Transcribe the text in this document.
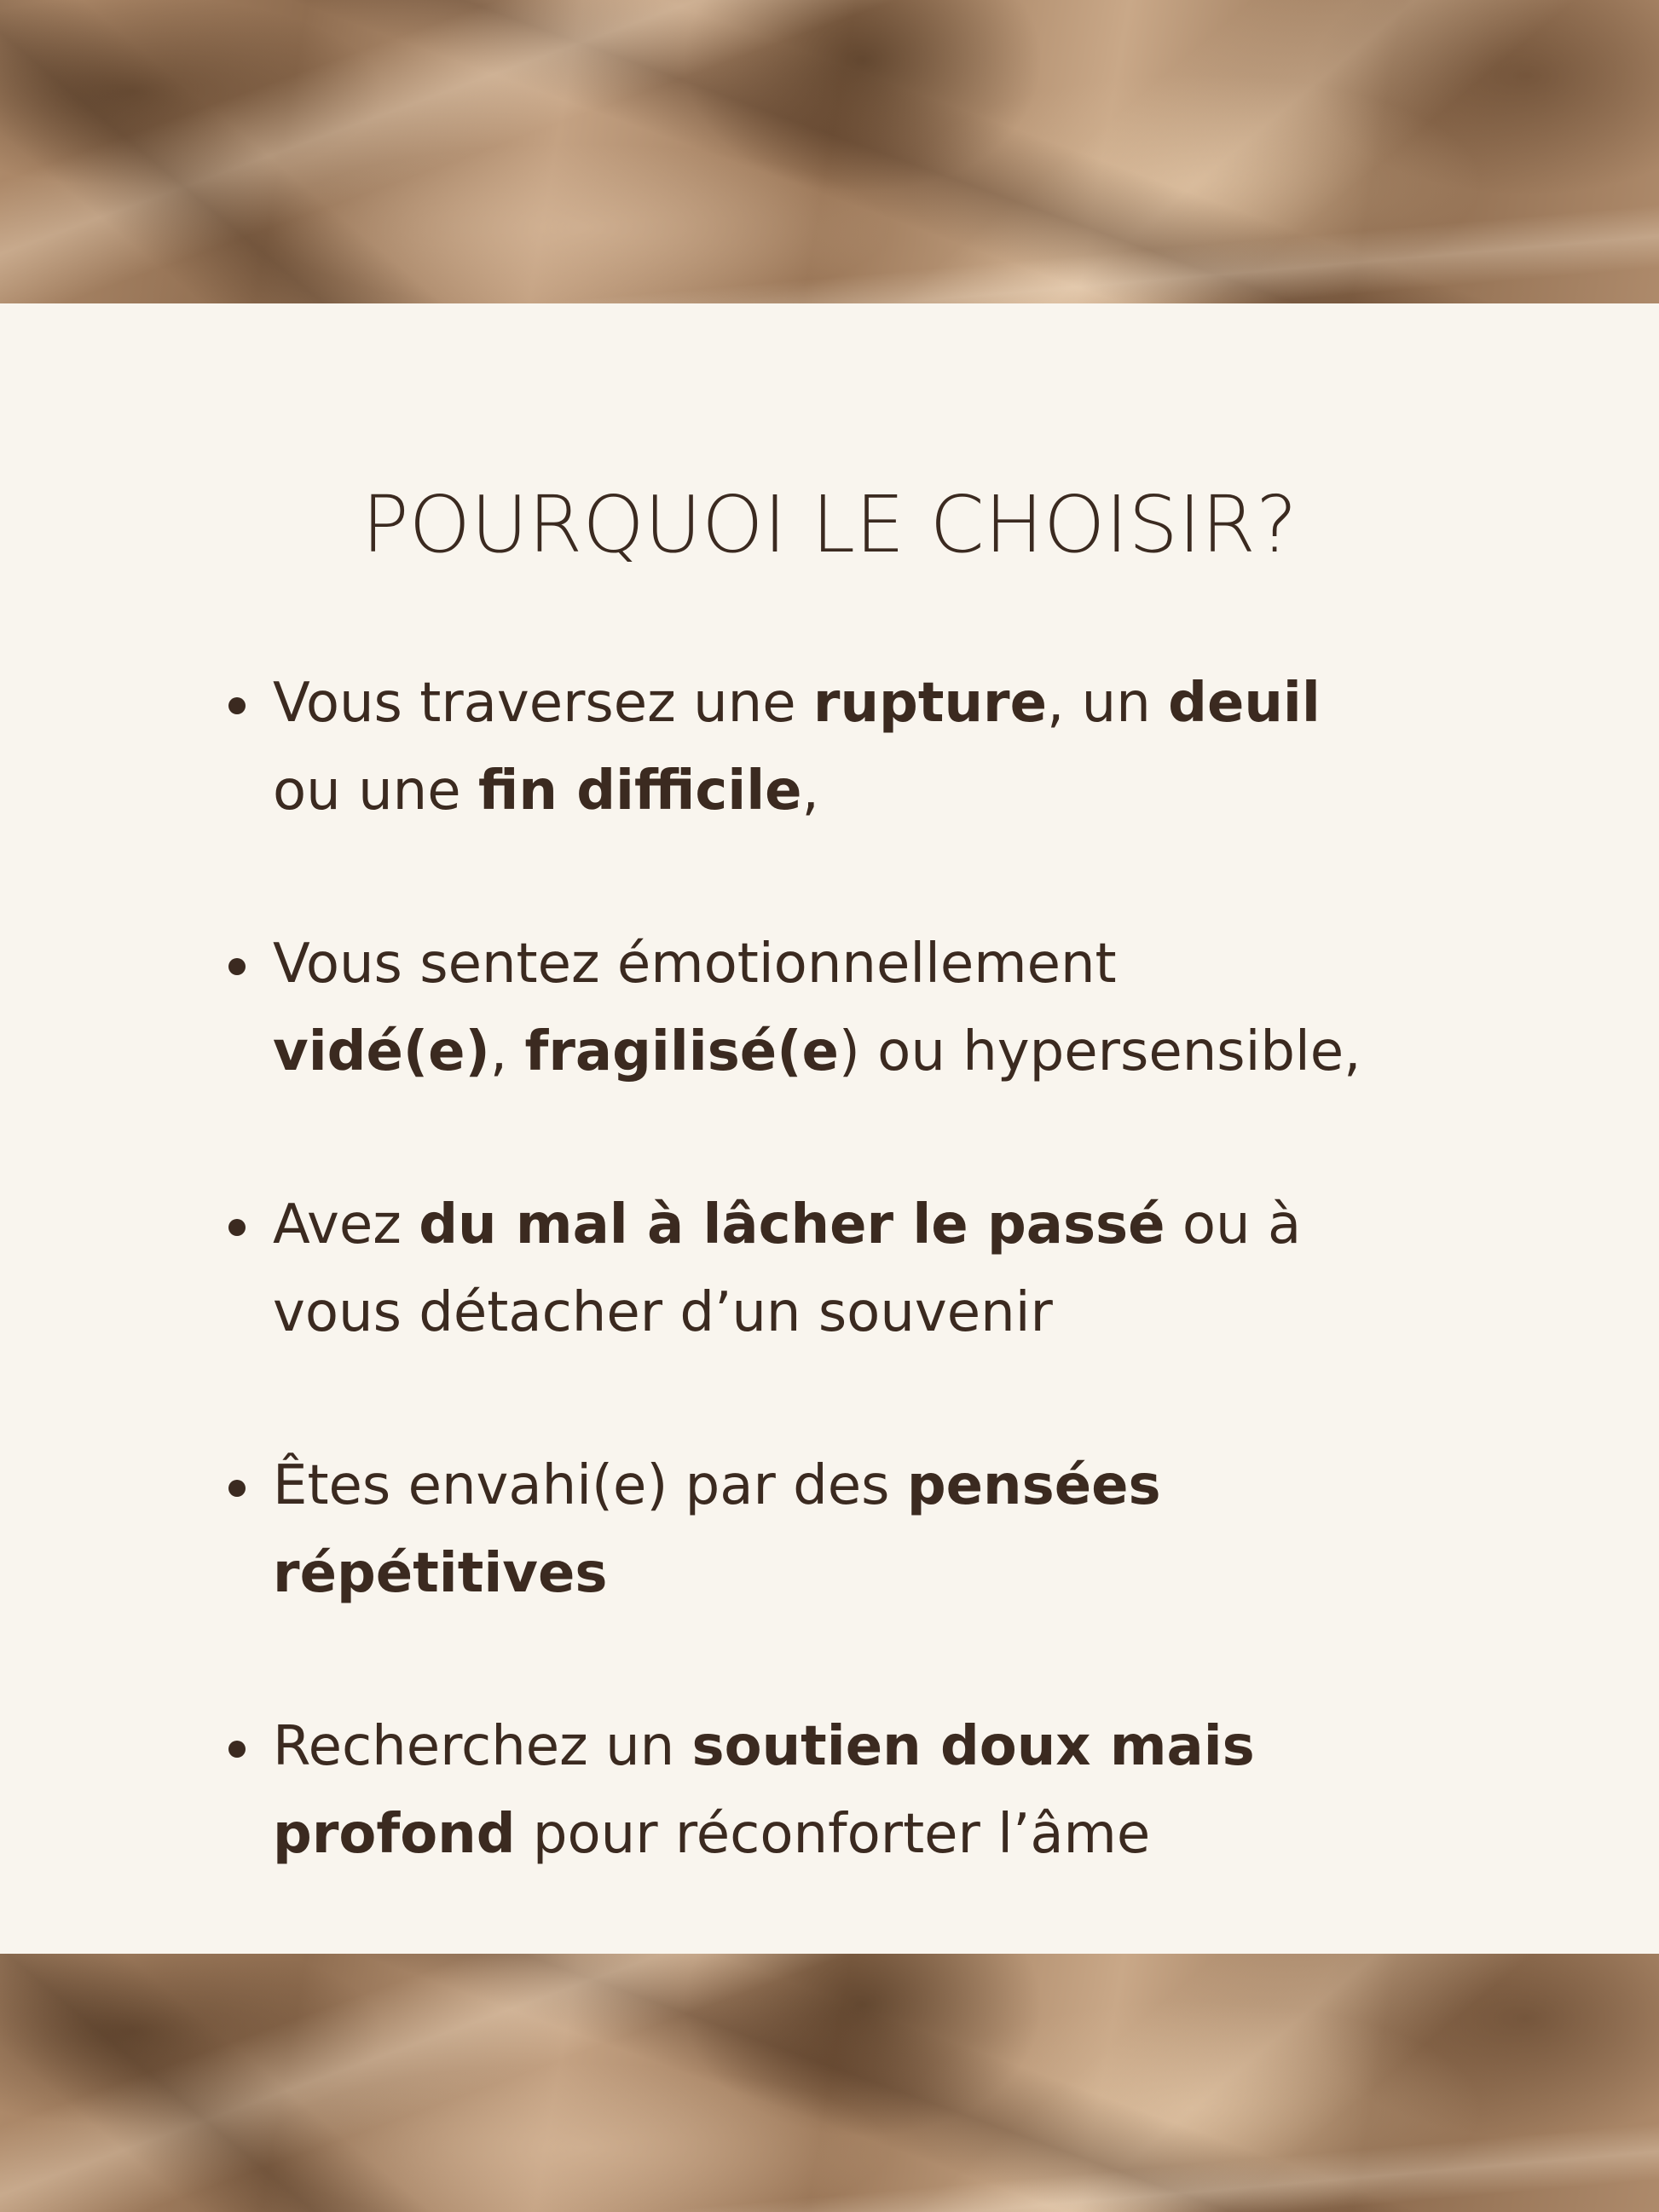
POURQUOI LE CHOISIR?
Vous traversez une rupture, un deuil
ou une fin difficile,
Vous sentez émotionnellement
vidé(e), fragilisé(e) ou hypersensible,
Avez du mal à lâcher le passé ou à
vous détacher d’un souvenir
Êtes envahi(e) par des pensées
répétitives
Recherchez un soutien doux mais
profond pour réconforter l’âme
